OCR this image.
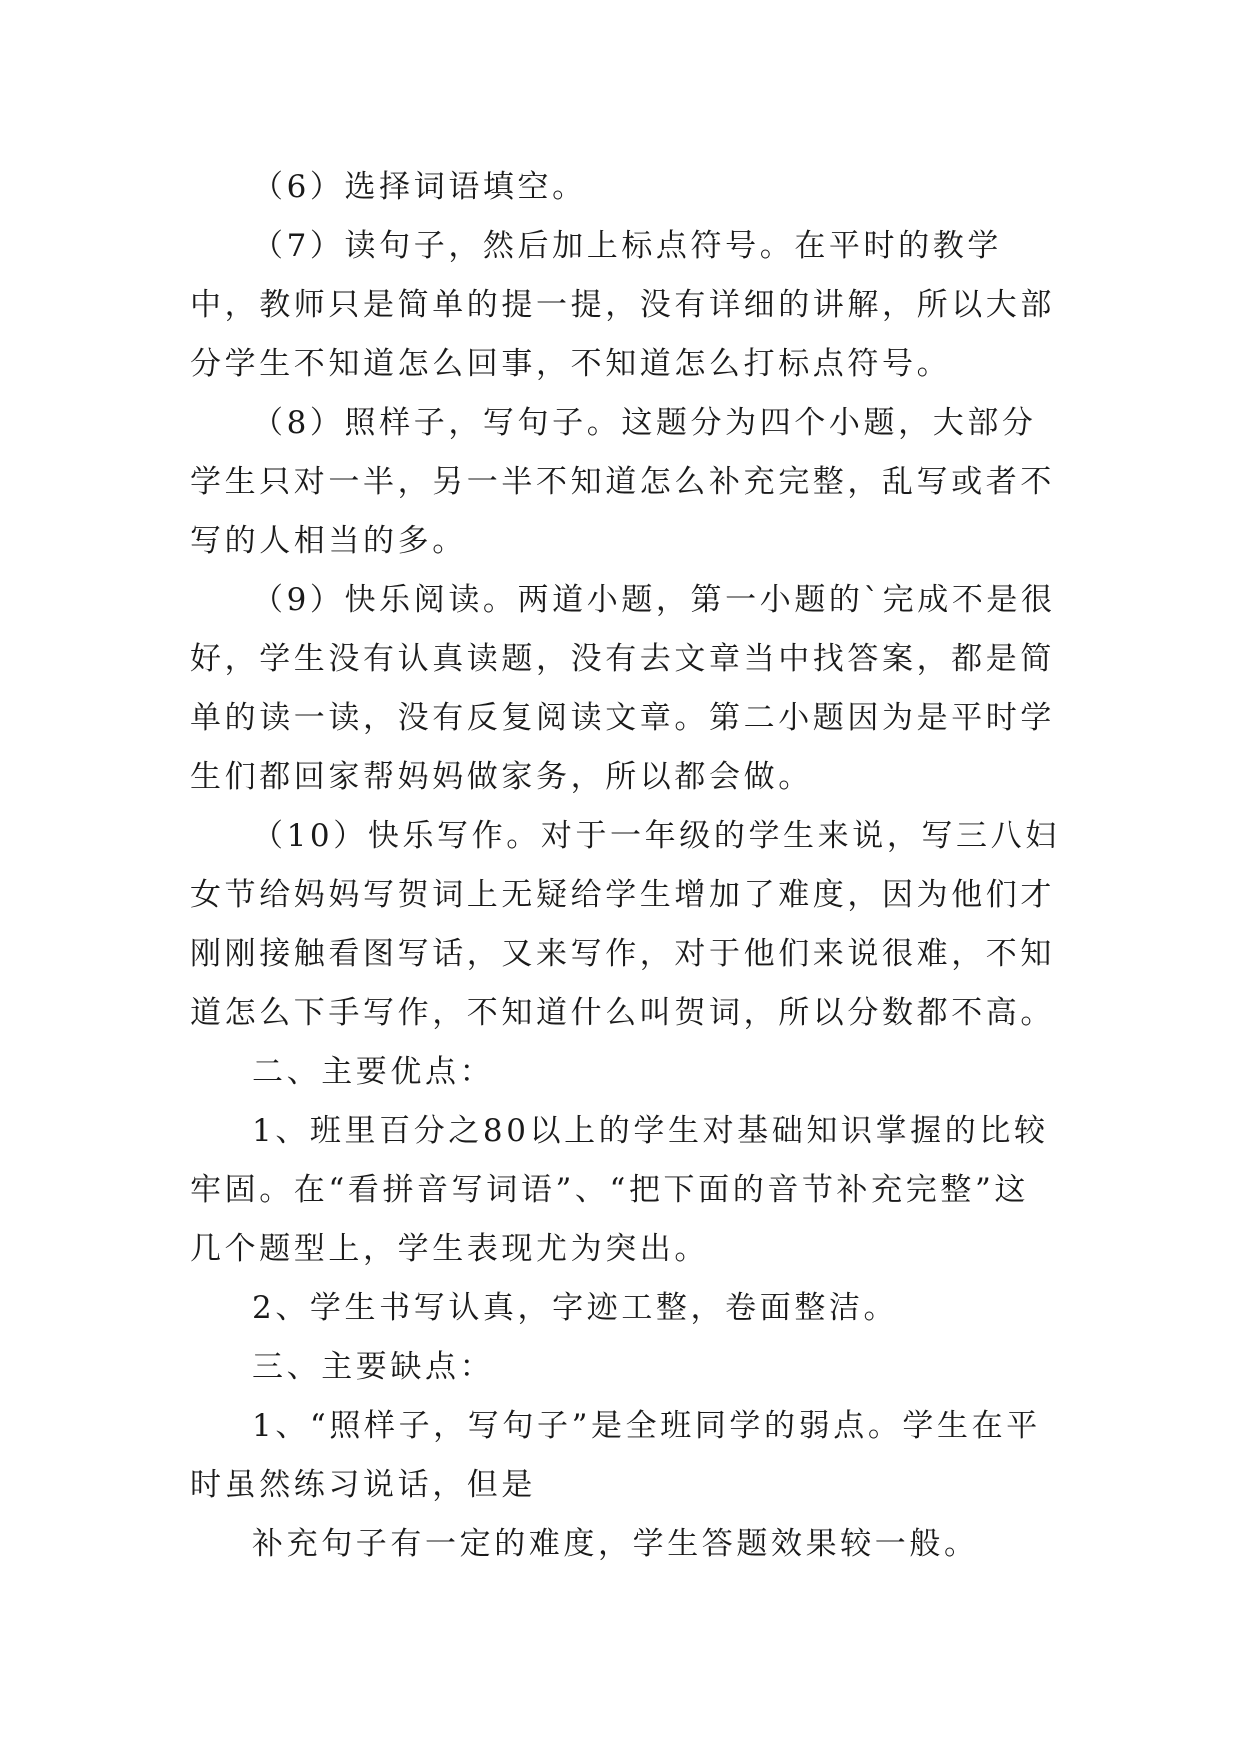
（6）选择词语填空。

（7）读句子，然后加上标点符号。在平时的教学中，教师只是简单的提一提，没有详细的讲解，所以大部分学生不知道怎么回事，不知道怎么打标点符号。

（8）照样子，写句子。这题分为四个小题，大部分学生只对一半，另一半不知道怎么补充完整，乱写或者不写的人相当的多。

（9）快乐阅读。两道小题，第一小题的`完成不是很好，学生没有认真读题，没有去文章当中找答案，都是简单的读一读，没有反复阅读文章。第二小题因为是平时学生们都回家帮妈妈做家务，所以都会做。

（10）快乐写作。对于一年级的学生来说，写三八妇女节给妈妈写贺词上无疑给学生增加了难度，因为他们才刚刚接触看图写话，又来写作，对于他们来说很难，不知道怎么下手写作，不知道什么叫贺词，所以分数都不高。

二、主要优点：

1、班里百分之80以上的学生对基础知识掌握的比较牢固。在“看拼音写词语”、“把下面的音节补充完整”这几个题型上，学生表现尤为突出。

2、学生书写认真，字迹工整，卷面整洁。

三、主要缺点：

1、“照样子，写句子”是全班同学的弱点。学生在平时虽然练习说话，但是

补充句子有一定的难度，学生答题效果较一般。
